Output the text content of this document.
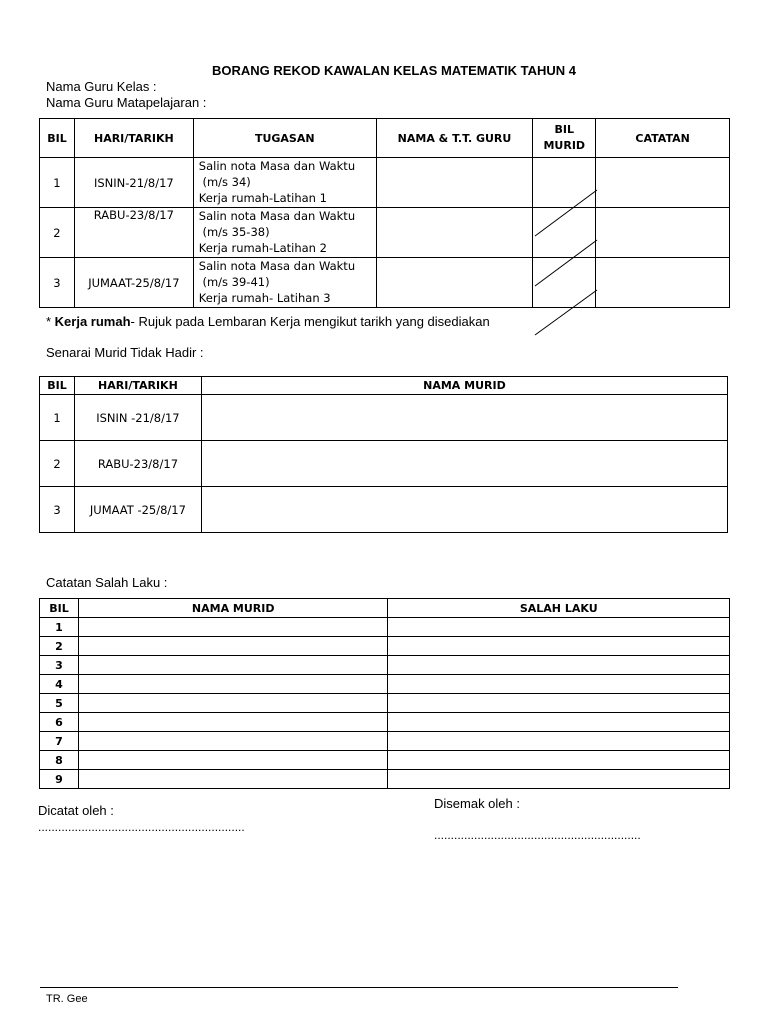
BORANG REKOD KAWALAN KELAS MATEMATIK TAHUN 4
Nama Guru Kelas :
Nama Guru Matapelajaran :
BIL	HARI/TARIKH	TUGASAN	NAMA & T.T. GURU	BIL MURID	CATATAN
1	ISNIN-21/8/17	Salin nota Masa dan Waktu
(m/s 34)
Kerja rumah-Latihan 1			

2	RABU-23/8/17	Salin nota Masa dan Waktu
(m/s 35-38)
Kerja rumah-Latihan 2			

3	JUMAAT-25/8/17	Salin nota Masa dan Waktu
(m/s 39-41)
Kerja rumah- Latihan 3			

* Kerja rumah- Rujuk pada Lembaran Kerja mengikut tarikh yang disediakan
Senarai Murid Tidak Hadir :
BIL	HARI/TARIKH	NAMA MURID
1	ISNIN -21/8/17	
2	RABU-23/8/17	
3	JUMAAT -25/8/17	
Catatan Salah Laku :
BIL	NAMA MURID	SALAH LAKU
1		
2		
3		
4		
5		
6		
7		
8		
9		
Dicatat oleh :	Disemak oleh :
..............................................................
..............................................................
TR. Gee
